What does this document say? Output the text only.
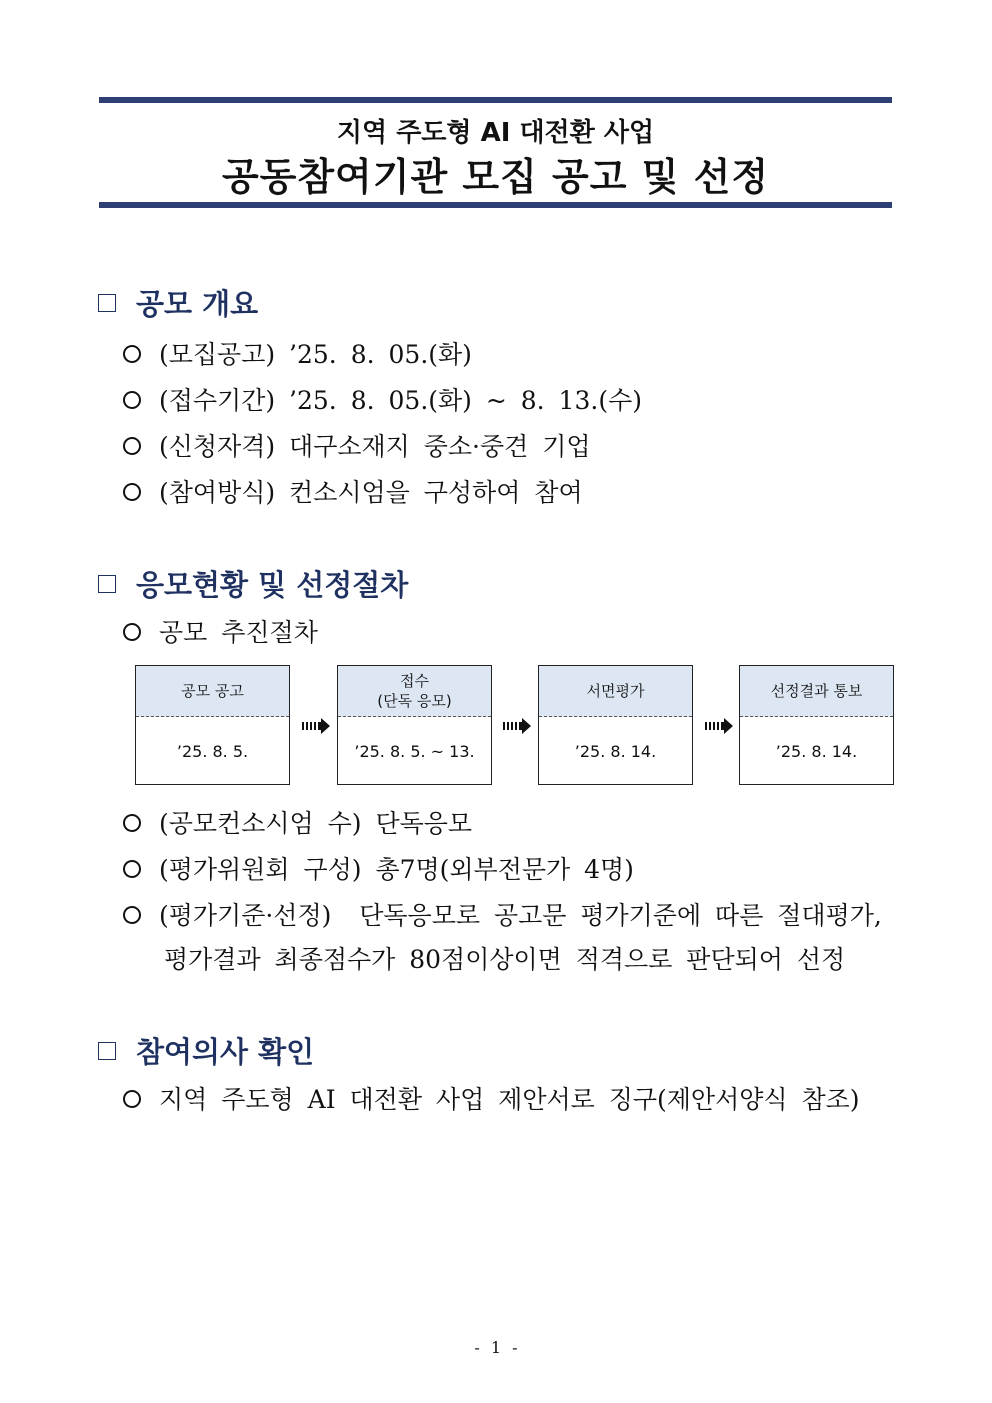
지역 주도형 AI 대전환 사업
공동참여기관 모집 공고 및 선정
공모 개요
(모집공고) ’25. 8. 05.(화)
(접수기간) ’25. 8. 05.(화) ~ 8. 13.(수)
(신청자격) 대구소재지 중소·중견 기업
(참여방식) 컨소시엄을 구성하여 참여
응모현황 및 선정절차
공모 추진절차
공모 공고
’25. 8. 5.
접수
(단독 응모)
’25. 8. 5. ~ 13.
서면평가
’25. 8. 14.
선정결과 통보
’25. 8. 14.
(공모컨소시엄 수) 단독응모
(평가위원회 구성) 총7명(외부전문가 4명)
(평가기준·선정)  단독응모로 공고문 평가기준에 따른 절대평가,
평가결과 최종점수가 80점이상이면 적격으로 판단되어 선정
참여의사 확인
지역 주도형 AI 대전환 사업 제안서로 징구(제안서양식 참조)
- 1 -
